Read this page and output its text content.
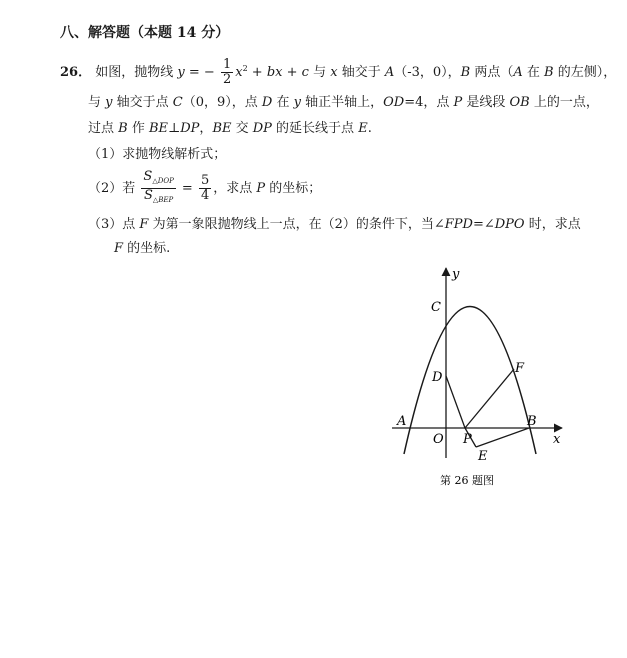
八、解答题（本题 14 分）
26． 如图，抛物线 y = − $\frac{1}{2} x^2$ + bx + c 与 x 轴交于 A（-3，0），B 两点（A 在 B 的左侧），
与 y 轴交于点 C（0，9），点 D 在 y 轴正半轴上，OD=4，点 P 是线段 OB 上的一点，
过点 B 作 BE⊥DP，BE 交 DP 的延长线于点 E.
（1）求抛物线解析式；
（2）若 $\frac{S_{\triangle DOP}}{S_{\triangle BEP}} = \frac{5}{4}$ ，求点 P 的坐标；
（3）点 F 为第一象限抛物线上一点，在（2）的条件下，当∠FPD=∠DPO 时，求点
F 的坐标.
y
x
C
D
F
A
O P
B
E
第 26 题图
